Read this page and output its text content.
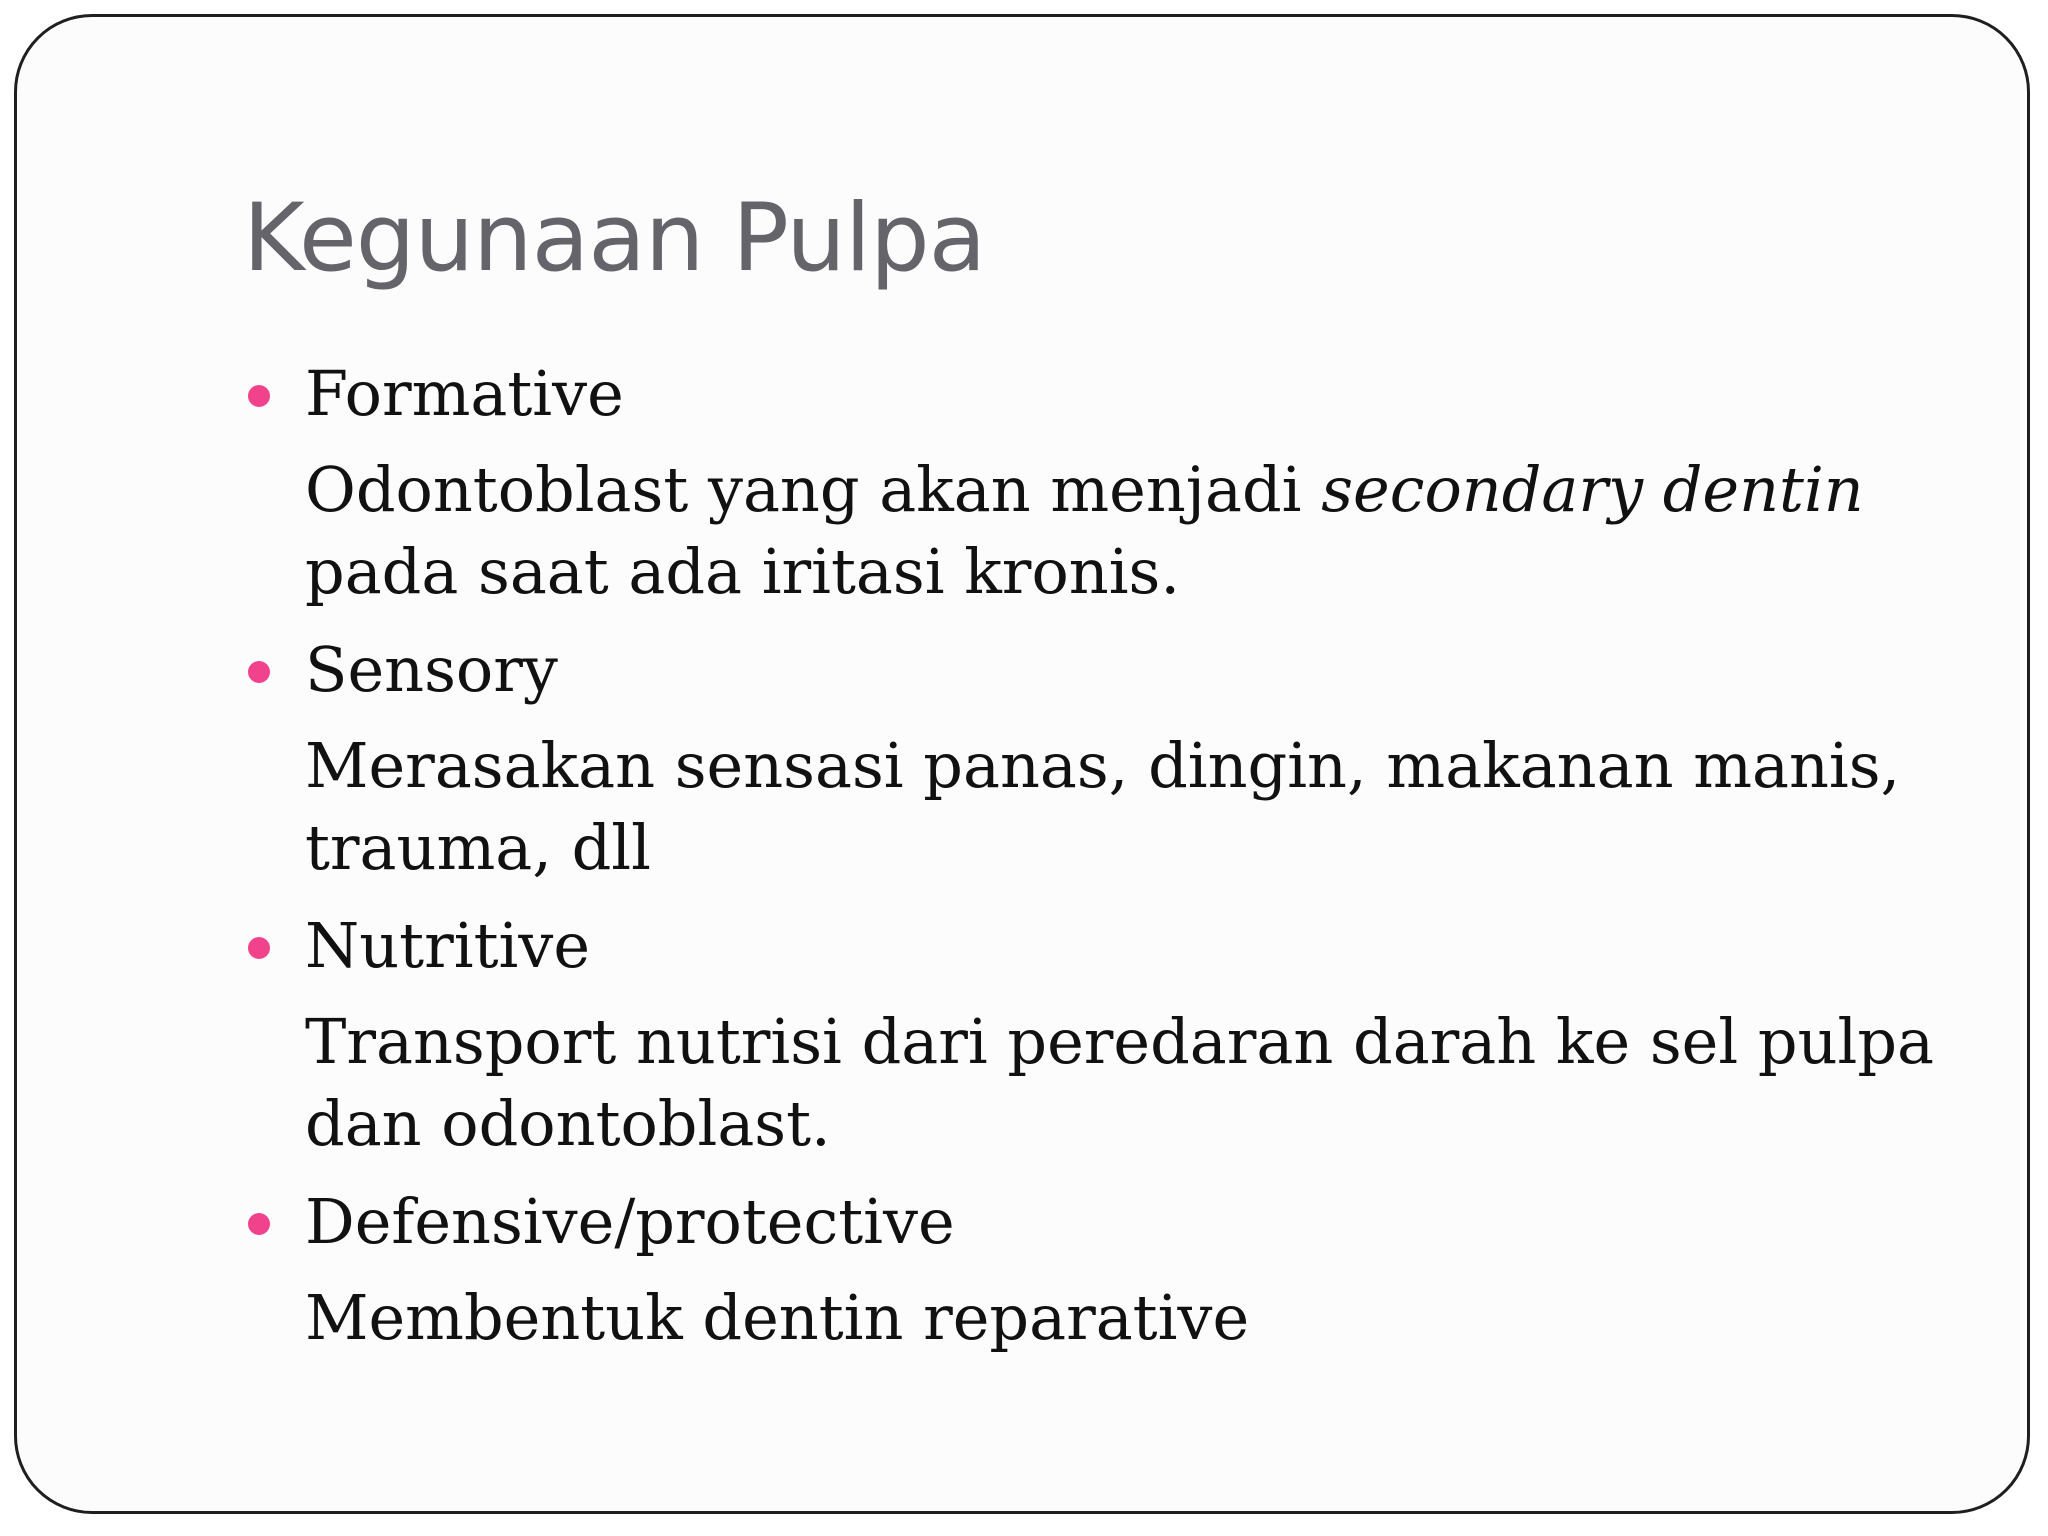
Kegunaan Pulpa
Formative
Odontoblast yang akan menjadi secondary dentin pada saat ada iritasi kronis.
Sensory
Merasakan sensasi panas, dingin, makanan manis, trauma, dll
Nutritive
Transport nutrisi dari peredaran darah ke sel pulpa dan odontoblast.
Defensive/protective
Membentuk dentin reparative
